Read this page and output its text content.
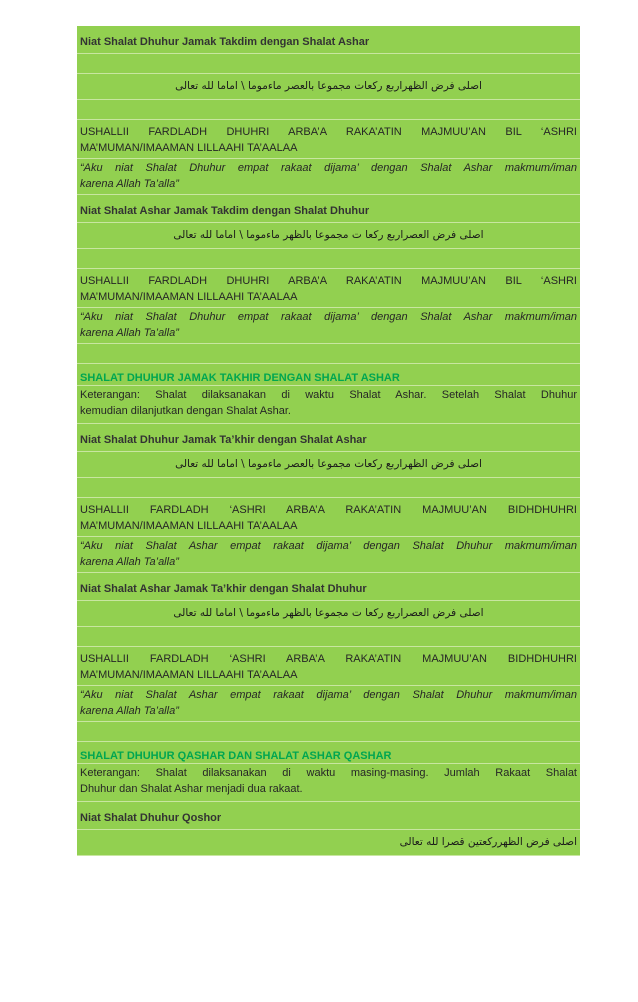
Niat Shalat Dhuhur Jamak Takdim dengan Shalat Ashar
اصلى فرض الظهراربع ركعات مجموعا بالعصر ماءموما \ اماما لله تعالى
USHALLII FARDLADH DHUHRI ARBA’A RAKA’ATIN MAJMUU’AN BIL ‘ASHRI
MA’MUMAN/IMAAMAN LILLAAHI TA’AALAA
“Aku niat Shalat Dhuhur empat rakaat dijama’ dengan Shalat Ashar makmum/iman
karena Allah Ta’alla”
Niat Shalat Ashar Jamak Takdim dengan Shalat Dhuhur
اصلى فرض العصراربع ركعا ت مجموعا بالظهر ماءموما \ اماما لله تعالى
USHALLII FARDLADH DHUHRI ARBA’A RAKA’ATIN MAJMUU’AN BIL ‘ASHRI
MA’MUMAN/IMAAMAN LILLAAHI TA’AALAA
“Aku niat Shalat Dhuhur empat rakaat dijama’ dengan Shalat Ashar makmum/iman
karena Allah Ta’alla”
SHALAT DHUHUR JAMAK TAKHIR DENGAN SHALAT ASHAR
Keterangan: Shalat dilaksanakan di waktu Shalat Ashar. Setelah Shalat Dhuhur
kemudian dilanjutkan dengan Shalat Ashar.
Niat Shalat Dhuhur Jamak Ta’khir dengan Shalat Ashar
اصلى فرض الظهراربع ركعات مجموعا بالعصر ماءموما \ اماما لله تعالى
USHALLII FARDLADH ‘ASHRI ARBA’A RAKA’ATIN MAJMUU’AN BIDHDHUHRI
MA’MUMAN/IMAAMAN LILLAAHI TA’AALAA
“Aku niat Shalat Ashar empat rakaat dijama’ dengan Shalat Dhuhur makmum/iman
karena Allah Ta’alla”
Niat Shalat Ashar Jamak Ta’khir dengan Shalat Dhuhur
اصلى فرض العصراربع ركعا ت مجموعا بالظهر ماءموما \ اماما لله تعالى
USHALLII FARDLADH ‘ASHRI ARBA’A RAKA’ATIN MAJMUU’AN BIDHDHUHRI
MA’MUMAN/IMAAMAN LILLAAHI TA’AALAA
“Aku niat Shalat Ashar empat rakaat dijama’ dengan Shalat Dhuhur makmum/iman
karena Allah Ta’alla”
SHALAT DHUHUR QASHAR DAN SHALAT ASHAR QASHAR
Keterangan: Shalat dilaksanakan di waktu masing-masing. Jumlah Rakaat Shalat
Dhuhur dan Shalat Ashar menjadi dua rakaat.
Niat Shalat Dhuhur Qoshor
اصلى فرض الظهرركعتين قصرا لله تعالى
